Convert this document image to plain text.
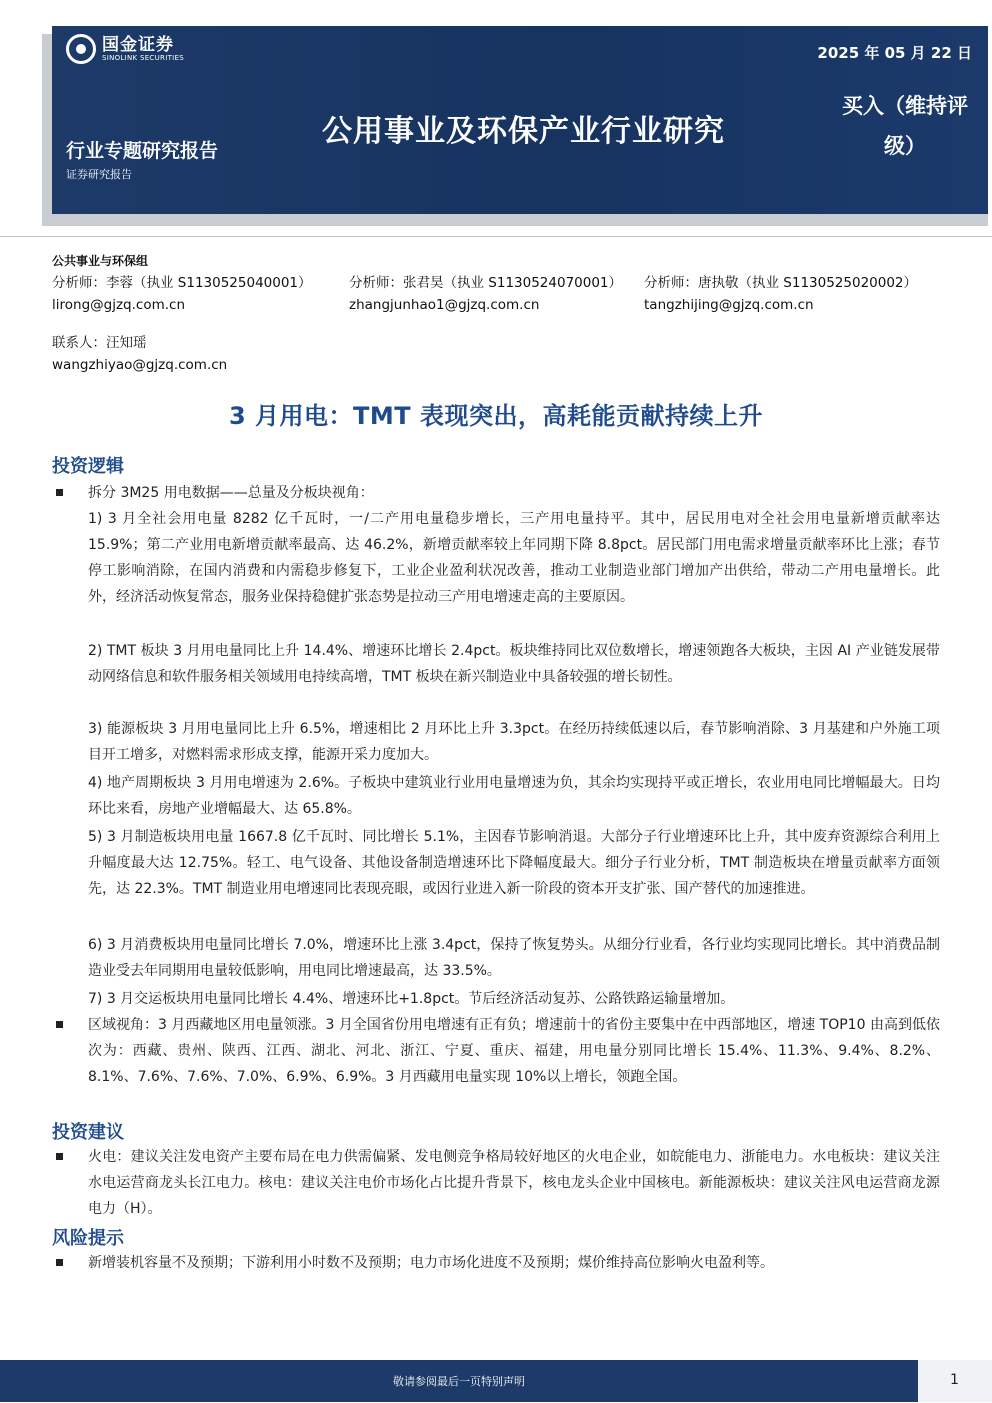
国金证券
SINOLINK SECURITIES	2025 年 05 月 22 日
公用事业及环保产业行业研究
买入（维持评
级）
行业专题研究报告
证券研究报告
公共事业与环保组
分析师：李蓉（执业 S1130525040001）
lirong@gjzq.com.cn
分析师：张君昊（执业 S1130524070001）
zhangjunhao1@gjzq.com.cn
分析师：唐执敬（执业 S1130525020002）
tangzhijing@gjzq.com.cn
联系人：汪知瑶
wangzhiyao@gjzq.com.cn
3 月用电：TMT 表现突出，高耗能贡献持续上升
投资逻辑

拆分 3M25 用电数据——总量及分板块视角：

1) 3 月全社会用电量 8282 亿千瓦时，一/二产用电量稳步增长，三产用电量持平。其中，居民用电对全社会用电量新增贡献率达 15.9%；第二产业用电新增贡献率最高、达 46.2%，新增贡献率较上年同期下降 8.8pct。居民部门用电需求增量贡献率环比上涨；春节停工影响消除，在国内消费和内需稳步修复下，工业企业盈利状况改善，推动工业制造业部门增加产出供给，带动二产用电量增长。此外，经济活动恢复常态，服务业保持稳健扩张态势是拉动三产用电增速走高的主要原因。

2) TMT 板块 3 月用电量同比上升 14.4%、增速环比增长 2.4pct。板块维持同比双位数增长，增速领跑各大板块，主因 AI 产业链发展带动网络信息和软件服务相关领域用电持续高增，TMT 板块在新兴制造业中具备较强的增长韧性。

3) 能源板块 3 月用电量同比上升 6.5%，增速相比 2 月环比上升 3.3pct。在经历持续低速以后，春节影响消除、3 月基建和户外施工项目开工增多，对燃料需求形成支撑，能源开采力度加大。

4) 地产周期板块 3 月用电增速为 2.6%。子板块中建筑业行业用电量增速为负，其余均实现持平或正增长，农业用电同比增幅最大。日均环比来看，房地产业增幅最大、达 65.8%。

5) 3 月制造板块用电量 1667.8 亿千瓦时、同比增长 5.1%，主因春节影响消退。大部分子行业增速环比上升，其中废弃资源综合利用上升幅度最大达 12.75%。轻工、电气设备、其他设备制造增速环比下降幅度最大。细分子行业分析，TMT 制造板块在增量贡献率方面领先，达 22.3%。TMT 制造业用电增速同比表现亮眼，或因行业进入新一阶段的资本开支扩张、国产替代的加速推进。

6) 3 月消费板块用电量同比增长 7.0%，增速环比上涨 3.4pct，保持了恢复势头。从细分行业看，各行业均实现同比增长。其中消费品制造业受去年同期用电量较低影响，用电同比增速最高，达 33.5%。

7) 3 月交运板块用电量同比增长 4.4%、增速环比+1.8pct。节后经济活动复苏、公路铁路运输量增加。

区域视角：3 月西藏地区用电量领涨。3 月全国省份用电增速有正有负；增速前十的省份主要集中在中西部地区，增速 TOP10 由高到低依次为：西藏、贵州、陕西、江西、湖北、河北、浙江、宁夏、重庆、福建，用电量分别同比增长 15.4%、11.3%、9.4%、8.2%、8.1%、7.6%、7.6%、7.0%、6.9%、6.9%。3 月西藏用电量实现 10%以上增长，领跑全国。

投资建议

火电：建议关注发电资产主要布局在电力供需偏紧、发电侧竞争格局较好地区的火电企业，如皖能电力、浙能电力。水电板块：建议关注水电运营商龙头长江电力。核电：建议关注电价市场化占比提升背景下，核电龙头企业中国核电。新能源板块：建议关注风电运营商龙源电力（H）。

风险提示

新增装机容量不及预期；下游利用小时数不及预期；电力市场化进度不及预期；煤价维持高位影响火电盈利等。

敬请参阅最后一页特别声明	1
